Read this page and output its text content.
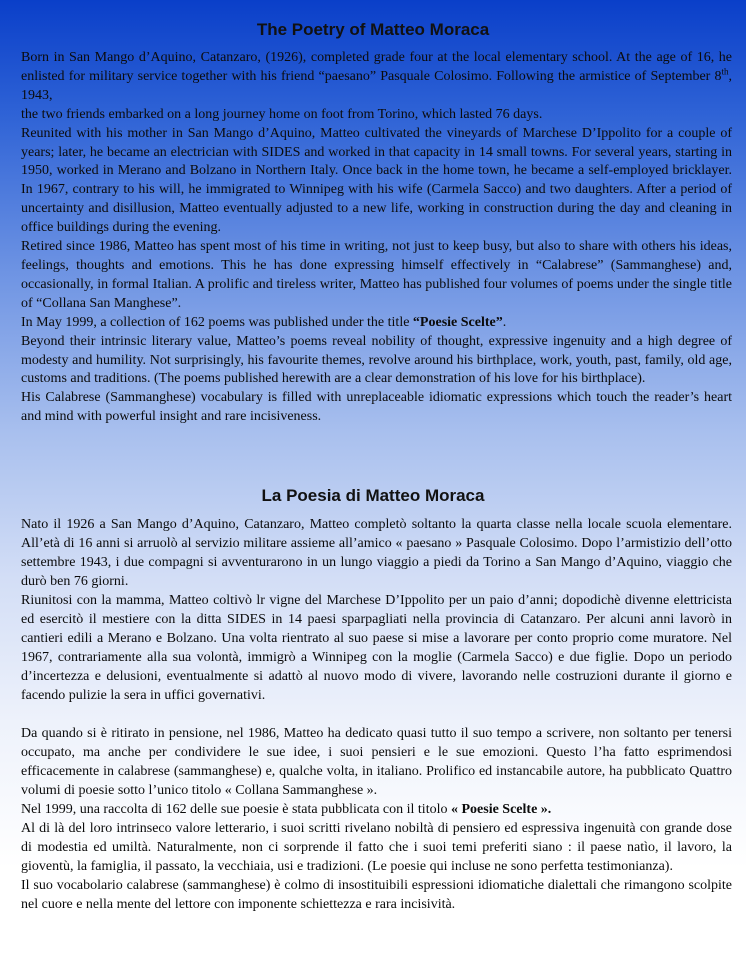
The Poetry of Matteo Moraca

Born in San Mango d’Aquino, Catanzaro, (1926), completed grade four at the local elementary school. At the age of 16, he enlisted for military service together with his friend “paesano” Pasquale Colosimo. Following the armistice of September 8th, 1943,

the two friends embarked on a long journey home on foot from Torino, which lasted 76 days.

Reunited with his mother in San Mango d’Aquino, Matteo cultivated the vineyards of Marchese D’Ippolito for a couple of years; later, he became an electrician with SIDES and worked in that capacity in 14 small towns. For several years, starting in 1950, worked in Merano and Bolzano in Northern Italy. Once back in the home town, he became a self-employed bricklayer. In 1967, contrary to his will, he immigrated to Winnipeg with his wife (Carmela Sacco) and two daughters. After a period of uncertainty and disillusion, Matteo eventually adjusted to a new life, working in construction during the day and cleaning in office buildings during the evening.

Retired since 1986, Matteo has spent most of his time in writing, not just to keep busy, but also to share with others his ideas, feelings, thoughts and emotions. This he has done expressing himself effectively in “Calabrese” (Sammanghese) and, occasionally, in formal Italian. A prolific and tireless writer, Matteo has published four volumes of poems under the single title of “Collana San Manghese”.

In May 1999, a collection of 162 poems was published under the title “Poesie Scelte”.

Beyond their intrinsic literary value, Matteo’s poems reveal nobility of thought, expressive ingenuity and a high degree of modesty and humility. Not surprisingly, his favourite themes, revolve around his birthplace, work, youth, past, family, old age, customs and traditions. (The poems published herewith are a clear demonstration of his love for his birthplace).

His Calabrese (Sammanghese) vocabulary is filled with unreplaceable idiomatic expressions which touch the reader’s heart and mind with powerful insight and rare incisiveness.

La Poesia di Matteo Moraca

Nato il 1926 a San Mango d’Aquino, Catanzaro, Matteo completò soltanto la quarta classe nella locale scuola elementare. All’età di 16 anni si arruolò al servizio militare assieme all’amico « paesano » Pasquale Colosimo. Dopo l’armistizio dell’otto settembre 1943, i due compagni si avventurarono in un lungo viaggio a piedi da Torino a San Mango d’Aquino, viaggio che durò ben 76 giorni.

Riunitosi con la mamma, Matteo coltivò lr vigne del Marchese D’Ippolito per un paio d’anni; dopodichè divenne elettricista ed esercitò il mestiere con la ditta SIDES in 14 paesi sparpagliati nella provincia di Catanzaro. Per alcuni anni lavorò in cantieri edili a Merano e Bolzano. Una volta rientrato al suo paese si mise a lavorare per conto proprio come muratore. Nel 1967, contrariamente alla sua volontà, immigrò a Winnipeg con la moglie (Carmela Sacco) e due figlie. Dopo un periodo d’incertezza e delusioni, eventualmente si adattò al nuovo modo di vivere, lavorando nelle costruzioni durante il giorno e facendo pulizie la sera in uffici governativi.

Da quando si è ritirato in pensione, nel 1986, Matteo ha dedicato quasi tutto il suo tempo a scrivere, non soltanto per tenersi occupato, ma anche per condividere le sue idee, i suoi pensieri e le sue emozioni. Questo l’ha fatto esprimendosi efficacemente in calabrese (sammanghese) e, qualche volta, in italiano. Prolifico ed instancabile autore, ha pubblicato Quattro volumi di poesie sotto l’unico titolo « Collana Sammanghese ».

Nel 1999, una raccolta di 162 delle sue poesie è stata pubblicata con il titolo « Poesie Scelte ».

Al di là del loro intrinseco valore letterario, i suoi scritti rivelano nobiltà di pensiero ed espressiva ingenuità con grande dose di modestia ed umiltà. Naturalmente, non ci sorprende il fatto che i suoi temi preferiti siano : il paese natìo, il lavoro, la gioventù, la famiglia, il passato, la vecchiaia, usi e tradizioni. (Le poesie qui incluse ne sono perfetta testimonianza).

Il suo vocabolario calabrese (sammanghese) è colmo di insostituibili espressioni idiomatiche dialettali che rimangono scolpite nel cuore e nella mente del lettore con imponente schiettezza e rara incisività.
